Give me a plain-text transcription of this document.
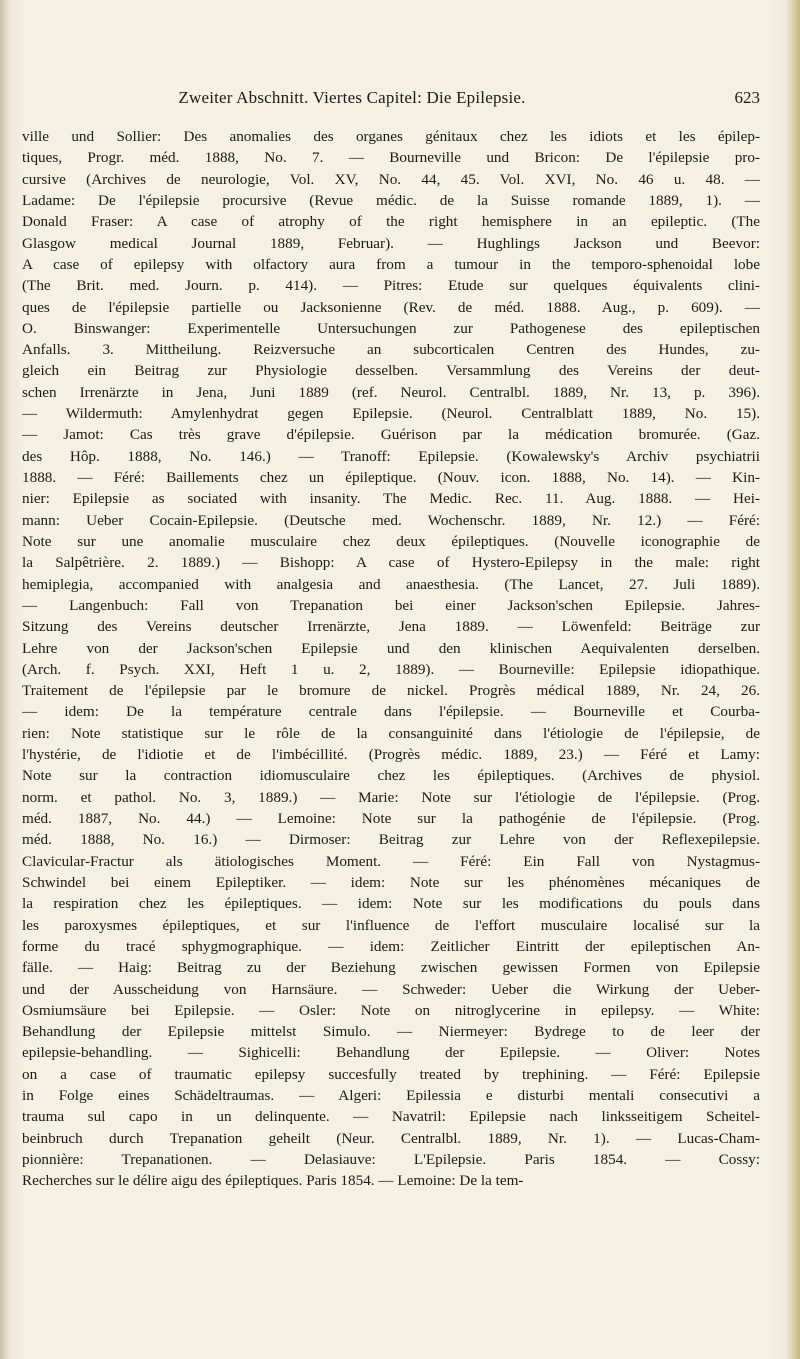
Zweiter Abschnitt. Viertes Capitel: Die Epilepsie.	623
ville und Sollier: Des anomalies des organes génitaux chez les idiots et les épilep-
tiques, Progr. méd. 1888, No. 7. — Bourneville und Bricon: De l'épilepsie pro-
cursive (Archives de neurologie, Vol. XV, No. 44, 45. Vol. XVI, No. 46 u. 48. —
Ladame: De l'épilepsie procursive (Revue médic. de la Suisse romande 1889, 1). —
Donald Fraser: A case of atrophy of the right hemisphere in an epileptic. (The
Glasgow medical Journal 1889, Februar). — Hughlings Jackson und Beevor:
A case of epilepsy with olfactory aura from a tumour in the temporo-sphenoidal lobe
(The Brit. med. Journ. p. 414). — Pitres: Etude sur quelques équivalents clini-
ques de l'épilepsie partielle ou Jacksonienne (Rev. de méd. 1888. Aug., p. 609). —
O. Binswanger: Experimentelle Untersuchungen zur Pathogenese des epileptischen
Anfalls. 3. Mittheilung. Reizversuche an subcorticalen Centren des Hundes, zu-
gleich ein Beitrag zur Physiologie desselben. Versammlung des Vereins der deut-
schen Irrenärzte in Jena, Juni 1889 (ref. Neurol. Centralbl. 1889, Nr. 13, p. 396).
— Wildermuth: Amylenhydrat gegen Epilepsie. (Neurol. Centralblatt 1889, No. 15).
— Jamot: Cas très grave d'épilepsie. Guérison par la médication bromurée. (Gaz.
des Hôp. 1888, No. 146.) — Tranoff: Epilepsie. (Kowalewsky's Archiv psychiatrii
1888. — Féré: Baillements chez un épileptique. (Nouv. icon. 1888, No. 14). — Kin-
nier: Epilepsie as sociated with insanity. The Medic. Rec. 11. Aug. 1888. — Hei-
mann: Ueber Cocain-Epilepsie. (Deutsche med. Wochenschr. 1889, Nr. 12.) — Féré:
Note sur une anomalie musculaire chez deux épileptiques. (Nouvelle iconographie de
la Salpêtrière. 2. 1889.) — Bishopp: A case of Hystero-Epilepsy in the male: right
hemiplegia, accompanied with analgesia and anaesthesia. (The Lancet, 27. Juli 1889).
— Langenbuch: Fall von Trepanation bei einer Jackson'schen Epilepsie. Jahres-
Sitzung des Vereins deutscher Irrenärzte, Jena 1889. — Löwenfeld: Beiträge zur
Lehre von der Jackson'schen Epilepsie und den klinischen Aequivalenten derselben.
(Arch. f. Psych. XXI, Heft 1 u. 2, 1889). — Bourneville: Epilepsie idiopathique.
Traitement de l'épilepsie par le bromure de nickel. Progrès médical 1889, Nr. 24, 26.
— idem: De la température centrale dans l'épilepsie. — Bourneville et Courba-
rien: Note statistique sur le rôle de la consanguinité dans l'étiologie de l'épilepsie, de
l'hystérie, de l'idiotie et de l'imbécillité. (Progrès médic. 1889, 23.) — Féré et Lamy:
Note sur la contraction idiomusculaire chez les épileptiques. (Archives de physiol.
norm. et pathol. No. 3, 1889.) — Marie: Note sur l'étiologie de l'épilepsie. (Prog.
méd. 1887, No. 44.) — Lemoine: Note sur la pathogénie de l'épilepsie. (Prog.
méd. 1888, No. 16.) — Dirmoser: Beitrag zur Lehre von der Reflexepilepsie.
Clavicular-Fractur als ätiologisches Moment. — Féré: Ein Fall von Nystagmus-
Schwindel bei einem Epileptiker. — idem: Note sur les phénomènes mécaniques de
la respiration chez les épileptiques. — idem: Note sur les modifications du pouls dans
les paroxysmes épileptiques, et sur l'influence de l'effort musculaire localisé sur la
forme du tracé sphygmographique. — idem: Zeitlicher Eintritt der epileptischen An-
fälle. — Haig: Beitrag zu der Beziehung zwischen gewissen Formen von Epilepsie
und der Ausscheidung von Harnsäure. — Schweder: Ueber die Wirkung der Ueber-
Osmiumsäure bei Epilepsie. — Osler: Note on nitroglycerine in epilepsy. — White:
Behandlung der Epilepsie mittelst Simulo. — Niermeyer: Bydrege to de leer der
epilepsie-behandling. — Sighicelli: Behandlung der Epilepsie. — Oliver: Notes
on a case of traumatic epilepsy succesfully treated by trephining. — Féré: Epilepsie
in Folge eines Schädeltraumas. — Algeri: Epilessia e disturbi mentali consecutivi a
trauma sul capo in un delinquente. — Navatril: Epilepsie nach linksseitigem Scheitel-
beinbruch durch Trepanation geheilt (Neur. Centralbl. 1889, Nr. 1). — Lucas-Cham-
pionnière: Trepanationen. — Delasiauve: L'Epilepsie. Paris 1854. — Cossy:
Recherches sur le délire aigu des épileptiques. Paris 1854. — Lemoine: De la tem-
